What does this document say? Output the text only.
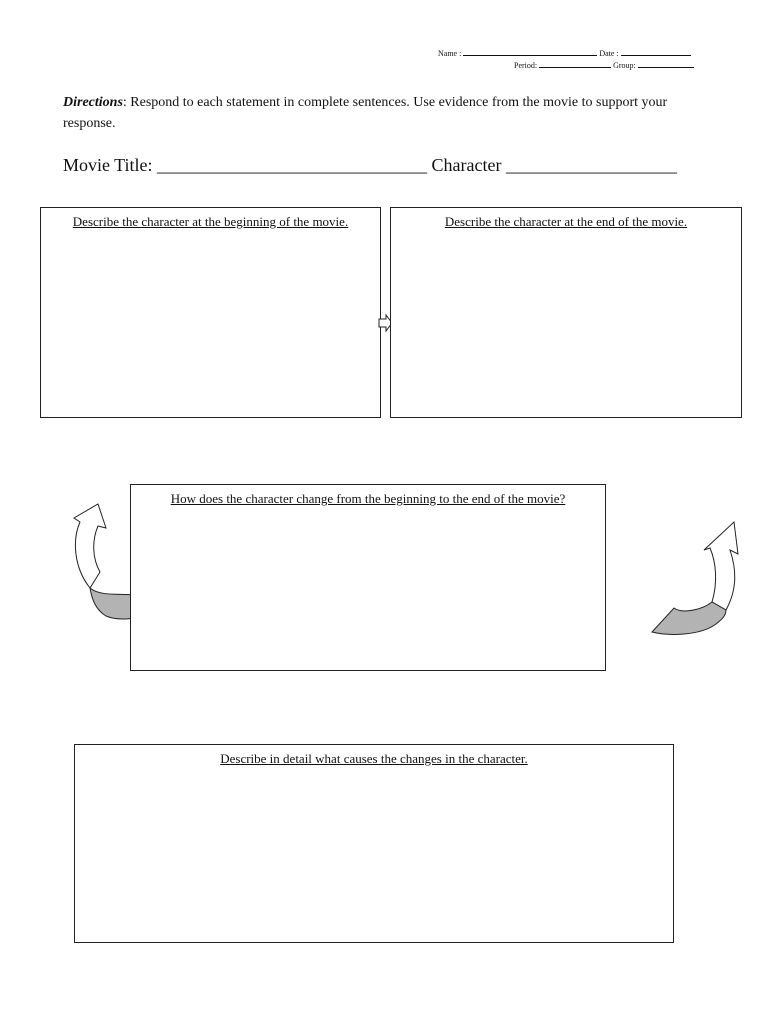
Name :	Date :
Period:	Group:
Directions: Respond to each statement in complete sentences. Use evidence from the movie to support your response.
Movie Title: ______________________________ Character ___________________
Describe the character at the beginning of the movie.	Describe the character at the end of the movie.
How does the character change from the beginning to the end of the movie?
Describe in detail what causes the changes in the character.
